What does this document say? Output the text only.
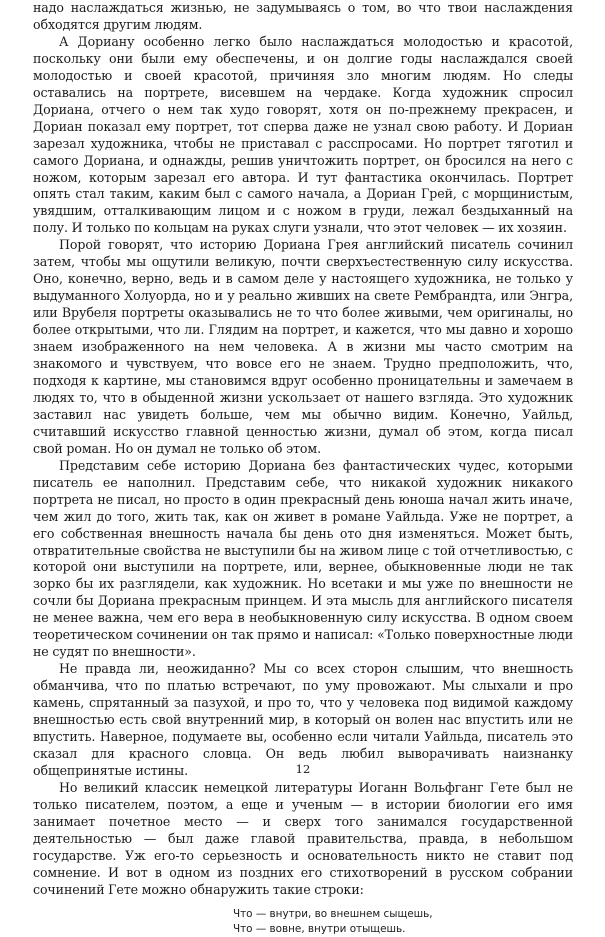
надо наслаждаться жизнью, не задумываясь о том, во что твои наслаждения обходятся другим людям.

А Дориану особенно легко было наслаждаться молодостью и красотой, поскольку они были ему обеспечены, и он долгие годы наслаждался своей молодостью и своей красотой, причиняя зло многим людям. Но следы оставались на портрете, висевшем на чердаке. Когда художник спросил Дориана, отчего о нем так худо говорят, хотя он по-прежнему прекрасен, и Дориан показал ему портрет, тот сперва даже не узнал свою работу. И Дориан зарезал художника, чтобы не приставал с расспросами. Но портрет тяготил и самого Дориана, и однажды, решив уничтожить портрет, он бросился на него с ножом, которым зарезал его автора. И тут фантастика окончилась. Портрет опять стал таким, каким был с самого начала, а Дориан Грей, с морщинистым, увядшим, отталкивающим лицом и с ножом в груди, лежал бездыханный на полу. И только по кольцам на руках слуги узнали, что этот человек — их хозяин.

Порой говорят, что историю Дориана Грея английский писатель сочинил затем, чтобы мы ощутили великую, почти сверхъестественную силу искусства. Оно, конечно, верно, ведь и в самом деле у настоящего художника, не только у выдуманного Холуорда, но и у реально живших на свете Рембрандта, или Энгра, или Врубеля портреты оказывались не то что более живыми, чем оригиналы, но более открытыми, что ли. Глядим на портрет, и кажется, что мы давно и хорошо знаем изображенного на нем человека. А в жизни мы часто смотрим на знакомого и чувствуем, что вовсе его не знаем. Трудно предположить, что, подходя к картине, мы становимся вдруг особенно проницательны и замечаем в людях то, что в обыденной жизни ускользает от нашего взгляда. Это художник заставил нас увидеть больше, чем мы обычно видим. Конечно, Уайльд, считавший искусство главной ценностью жизни, думал об этом, когда писал свой роман. Но он думал не только об этом.

Представим себе историю Дориана без фантастических чудес, которыми писатель ее наполнил. Представим себе, что никакой художник никакого портрета не писал, но просто в один прекрасный день юноша начал жить иначе, чем жил до того, жить так, как он живет в романе Уайльда. Уже не портрет, а его собственная внешность начала бы день ото дня изменяться. Может быть, отвратительные свойства не выступили бы на живом лице с той отчетливостью, с которой они выступили на портрете, или, вернее, обыкновенные люди не так зорко бы их разглядели, как художник. Но всетаки и мы уже по внешности не сочли бы Дориана прекрасным принцем. И эта мысль для английского писателя не менее важна, чем его вера в необыкновенную силу искусства. В одном своем теоретическом сочинении он так прямо и написал: «Только поверхностные люди не судят по внешности».

Не правда ли, неожиданно? Мы со всех сторон слышим, что внешность обманчива, что по платью встречают, по уму провожают. Мы слыхали и про камень, спрятанный за пазухой, и про то, что у человека под видимой каждому внешностью есть свой внутренний мир, в который он волен нас впустить или не впустить. Наверное, подумаете вы, особенно если читали Уайльда, писатель это сказал для красного словца. Он ведь любил выворачивать наизнанку общепринятые истины.

Но великий классик немецкой литературы Иоганн Вольфганг Гете был не только писателем, поэтом, а еще и ученым — в истории биологии его имя занимает почетное место — и сверх того занимался государственной деятельностью — был даже главой правительства, правда, в небольшом государстве. Уж его-то серьезность и основательность никто не ставит под сомнение. И вот в одном из поздних его стихотворений в русском собрании сочинений Гете можно обнаружить такие строки:

Что — внутри, во внешнем сыщешь,
Что — вовне, внутри отыщешь.
12
